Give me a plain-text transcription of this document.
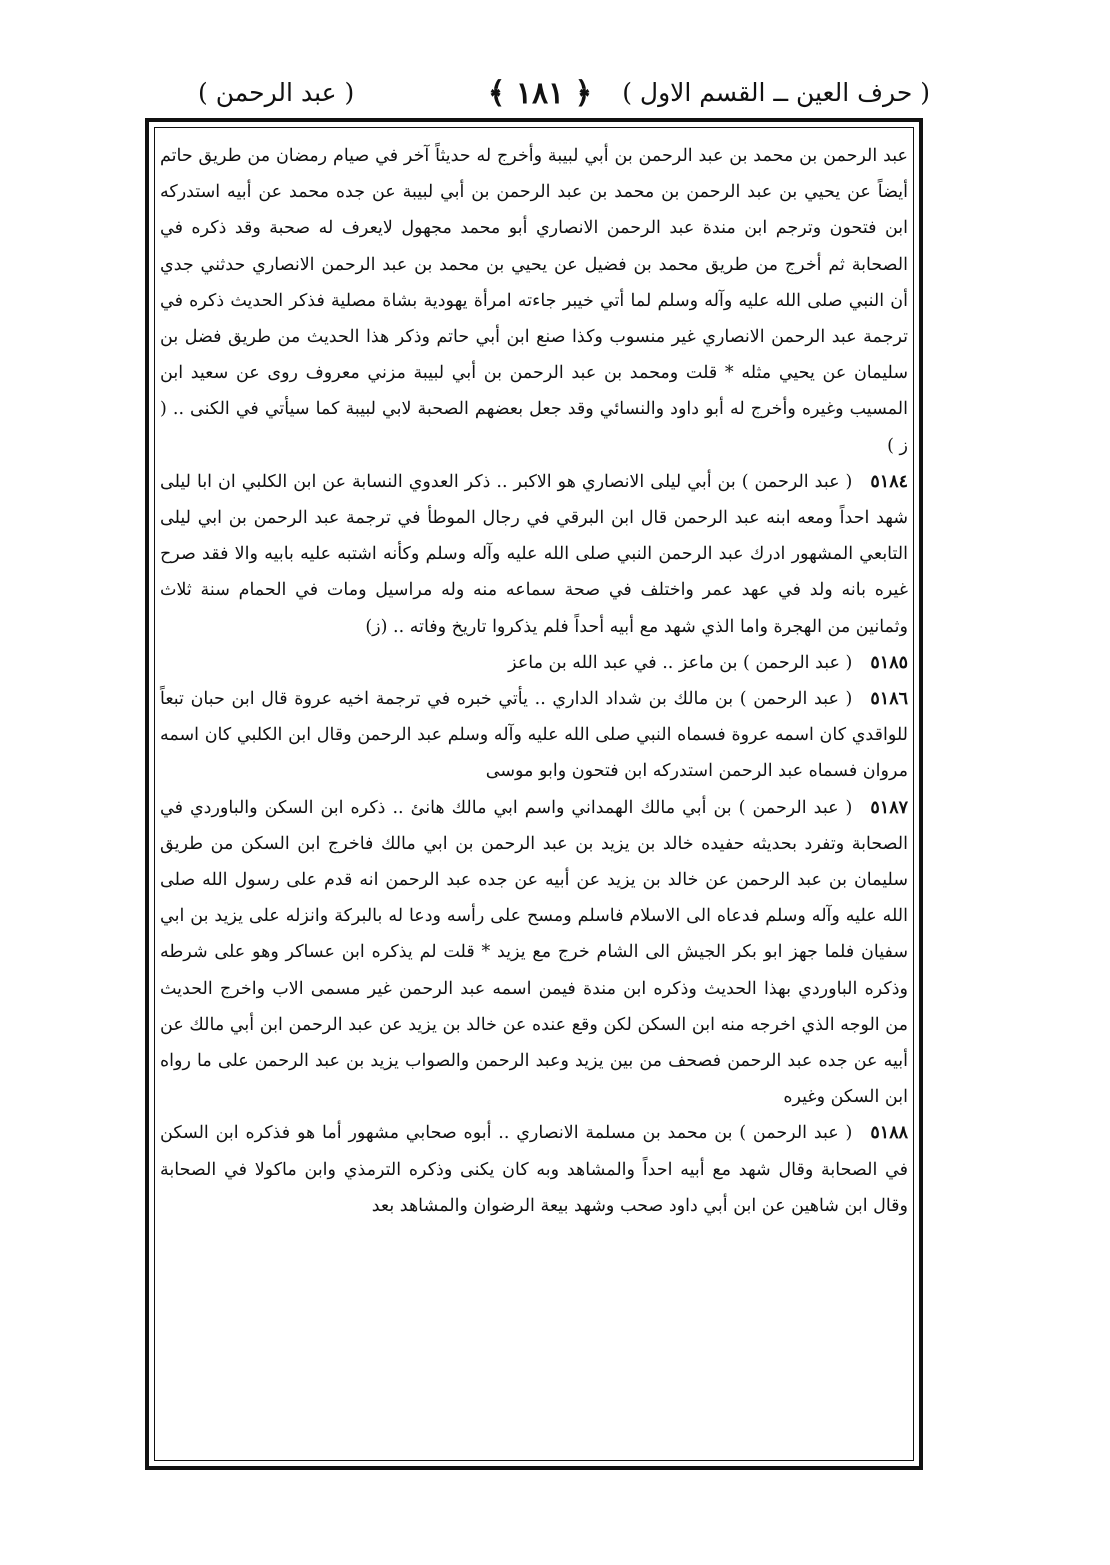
( حرف العين ــ القسم الاول )
﴿ ١٨١ ﴾
( عبد الرحمن )

عبد الرحمن بن محمد بن عبد الرحمن بن أبي لبيبة وأخرج له حديثاً آخر في صيام رمضان من طريق حاتم أيضاً عن يحيي بن عبد الرحمن بن محمد بن عبد الرحمن بن أبي لبيبة عن جده محمد عن أبيه استدركه ابن فتحون وترجم ابن مندة عبد الرحمن الانصاري أبو محمد مجهول لايعرف له صحبة وقد ذكره في الصحابة ثم أخرج من طريق محمد بن فضيل عن يحيي بن محمد بن عبد الرحمن الانصاري حدثني جدي أن النبي صلى الله عليه وآله وسلم لما أتي خيبر جاءته امرأة يهودية بشاة مصلية فذكر الحديث ذكره في ترجمة عبد الرحمن الانصاري غير منسوب وكذا صنع ابن أبي حاتم وذكر هذا الحديث من طريق فضل بن سليمان عن يحيي مثله * قلت ومحمد بن عبد الرحمن بن أبي لبيبة مزني معروف روى عن سعيد ابن المسيب وغيره وأخرج له أبو داود والنسائي وقد جعل بعضهم الصحبة لابي لبيبة كما سيأتي في الكنى .. ( ز )

٥١٨٤( عبد الرحمن ) بن أبي ليلى الانصاري هو الاكبر .. ذكر العدوي النسابة عن ابن الكلبي ان ابا ليلى شهد احداً ومعه ابنه عبد الرحمن قال ابن البرقي في رجال الموطأ في ترجمة عبد الرحمن بن ابي ليلى التابعي المشهور ادرك عبد الرحمن النبي صلى الله عليه وآله وسلم وكأنه اشتبه عليه بابيه والا فقد صرح غيره بانه ولد في عهد عمر واختلف في صحة سماعه منه وله مراسيل ومات في الحمام سنة ثلاث وثمانين من الهجرة واما الذي شهد مع أبيه أحداً فلم يذكروا تاريخ وفاته .. (ز)

٥١٨٥( عبد الرحمن ) بن ماعز .. في عبد الله بن ماعز

٥١٨٦( عبد الرحمن ) بن مالك بن شداد الداري .. يأتي خبره في ترجمة اخيه عروة قال ابن حبان تبعاً للواقدي كان اسمه عروة فسماه النبي صلى الله عليه وآله وسلم عبد الرحمن وقال ابن الكلبي كان اسمه مروان فسماه عبد الرحمن استدركه ابن فتحون وابو موسى

٥١٨٧( عبد الرحمن ) بن أبي مالك الهمداني واسم ابي مالك هانئ .. ذكره ابن السكن والباوردي في الصحابة وتفرد بحديثه حفيده خالد بن يزيد بن عبد الرحمن بن ابي مالك فاخرج ابن السكن من طريق سليمان بن عبد الرحمن عن خالد بن يزيد عن أبيه عن جده عبد الرحمن انه قدم على رسول الله صلى الله عليه وآله وسلم فدعاه الى الاسلام فاسلم ومسح على رأسه ودعا له بالبركة وانزله على يزيد بن ابي سفيان فلما جهز ابو بكر الجيش الى الشام خرج مع يزيد * قلت لم يذكره ابن عساكر وهو على شرطه وذكره الباوردي بهذا الحديث وذكره ابن مندة فيمن اسمه عبد الرحمن غير مسمى الاب واخرج الحديث من الوجه الذي اخرجه منه ابن السكن لكن وقع عنده عن خالد بن يزيد عن عبد الرحمن ابن أبي مالك عن أبيه عن جده عبد الرحمن فصحف من بين يزيد وعبد الرحمن والصواب يزيد بن عبد الرحمن على ما رواه ابن السكن وغيره

٥١٨٨( عبد الرحمن ) بن محمد بن مسلمة الانصاري .. أبوه صحابي مشهور أما هو فذكره ابن السكن في الصحابة وقال شهد مع أبيه احداً والمشاهد وبه كان يكنى وذكره الترمذي وابن ماكولا في الصحابة وقال ابن شاهين عن ابن أبي داود صحب وشهد بيعة الرضوان والمشاهد بعد
